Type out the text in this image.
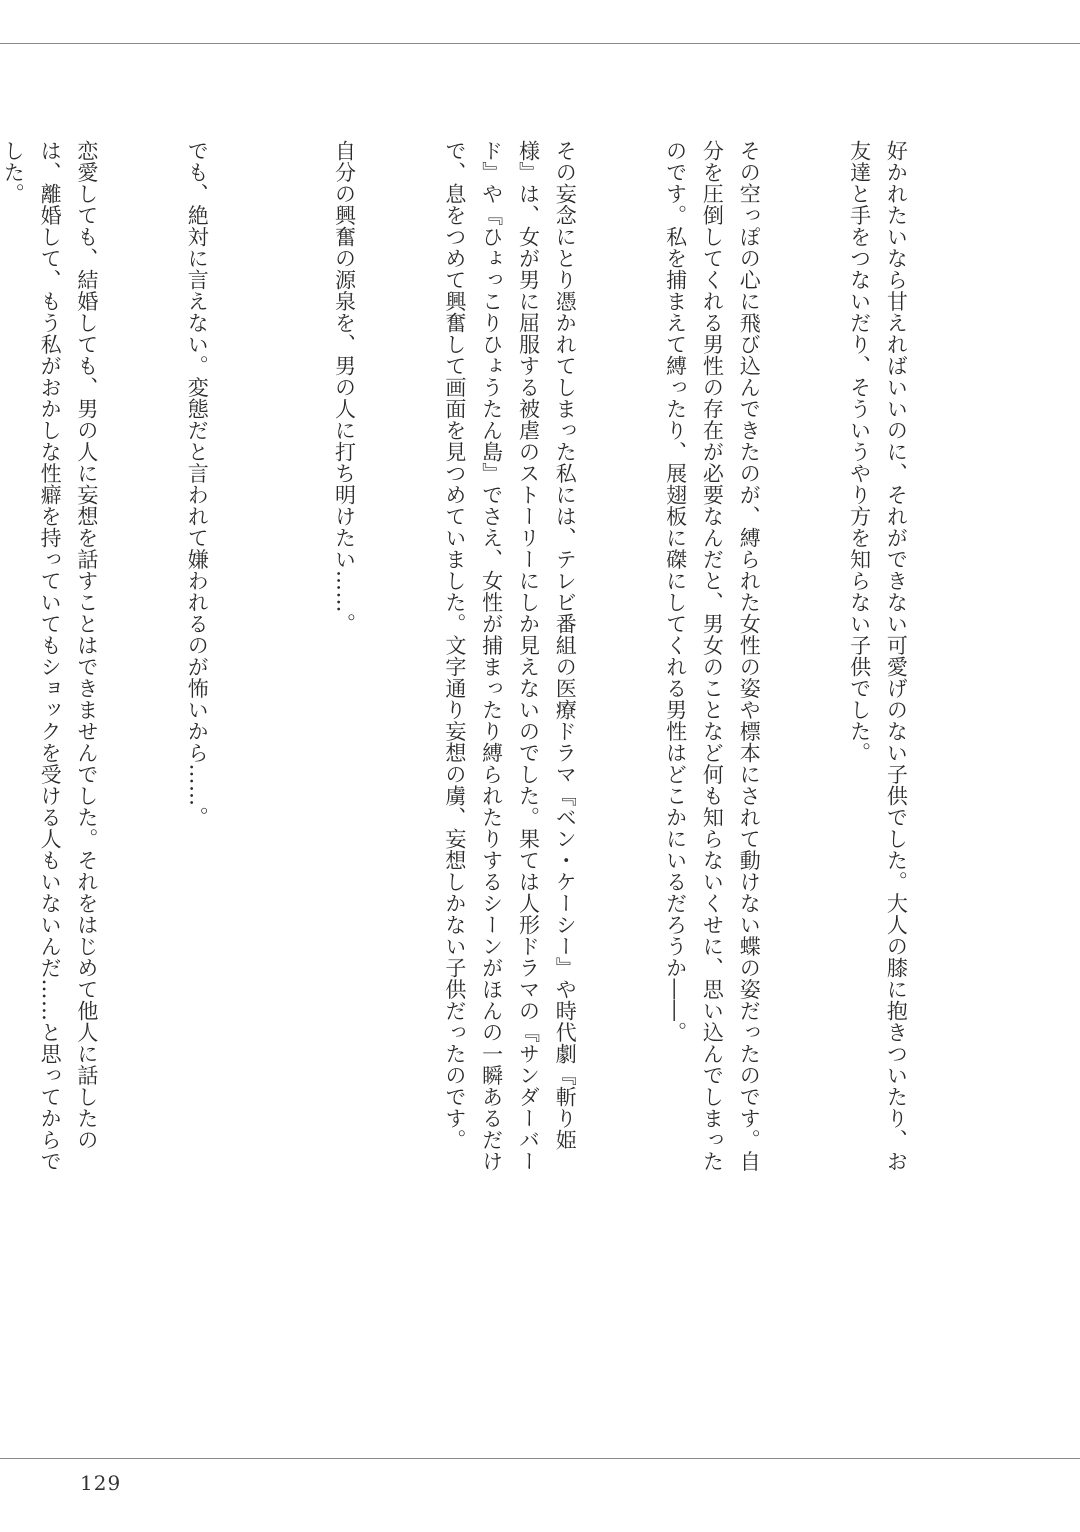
好かれたいなら甘えればいいのに、それができない可愛げのない子供でした。大人の膝に抱きついたり、お友達と手をつないだり、そういうやり方を知らない子供でした。

その空っぽの心に飛び込んできたのが、縛られた女性の姿や標本にされて動けない蝶の姿だったのです。自分を圧倒してくれる男性の存在が必要なんだと、男女のことなど何も知らないくせに、思い込んでしまったのです。私を捕まえて縛ったり、展翅板に磔にしてくれる男性はどこかにいるだろうか――。

その妄念にとり憑かれてしまった私には、テレビ番組の医療ドラマ『ベン・ケーシー』や時代劇『斬り姫様』は、女が男に屈服する被虐のストーリーにしか見えないのでした。果ては人形ドラマの『サンダーバード』や『ひょっこりひょうたん島』でさえ、女性が捕まったり縛られたりするシーンがほんの一瞬あるだけで、息をつめて興奮して画面を見つめていました。文字通り妄想の虜、妄想しかない子供だったのです。

自分の興奮の源泉を、男の人に打ち明けたい……。

でも、絶対に言えない。変態だと言われて嫌われるのが怖いから……。

恋愛しても、結婚しても、男の人に妄想を話すことはできませんでした。それをはじめて他人に話したのは、離婚して、もう私がおかしな性癖を持っていてもショックを受ける人もいないんだ……と思ってからでした。

129
